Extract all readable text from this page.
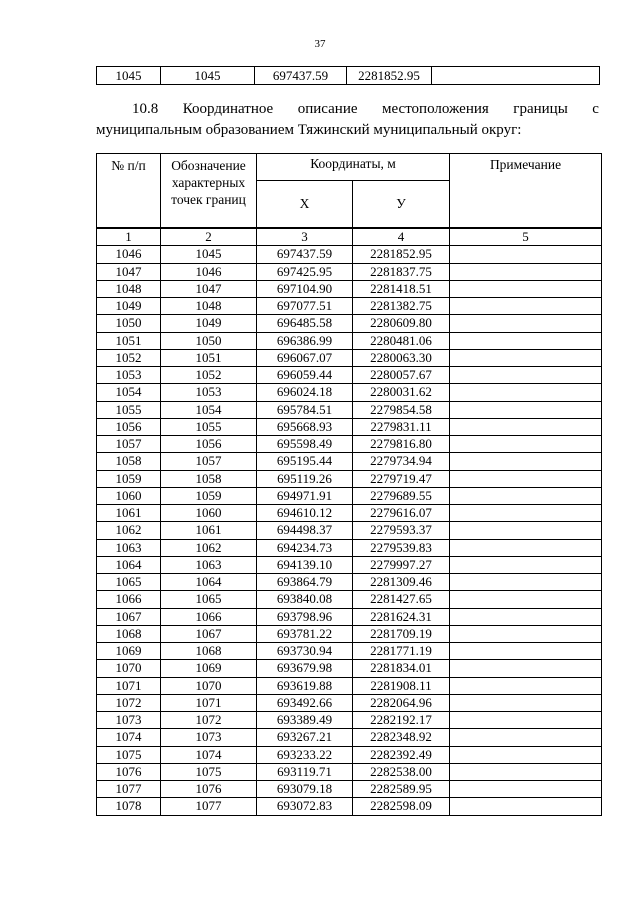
37
1045	1045	697437.59	2281852.95	
10.8 Координатное описание местоположения границы с
муниципальным образованием Тяжинский муниципальный округ:
№ п/п	Обозначение характерных точек границ	Координаты, м		Примечание
		X	У	
1	2	3	4	5
1046	1045	697437.59	2281852.95	
1047	1046	697425.95	2281837.75	
1048	1047	697104.90	2281418.51	
1049	1048	697077.51	2281382.75	
1050	1049	696485.58	2280609.80	
1051	1050	696386.99	2280481.06	
1052	1051	696067.07	2280063.30	
1053	1052	696059.44	2280057.67	
1054	1053	696024.18	2280031.62	
1055	1054	695784.51	2279854.58	
1056	1055	695668.93	2279831.11	
1057	1056	695598.49	2279816.80	
1058	1057	695195.44	2279734.94	
1059	1058	695119.26	2279719.47	
1060	1059	694971.91	2279689.55	
1061	1060	694610.12	2279616.07	
1062	1061	694498.37	2279593.37	
1063	1062	694234.73	2279539.83	
1064	1063	694139.10	2279997.27	
1065	1064	693864.79	2281309.46	
1066	1065	693840.08	2281427.65	
1067	1066	693798.96	2281624.31	
1068	1067	693781.22	2281709.19	
1069	1068	693730.94	2281771.19	
1070	1069	693679.98	2281834.01	
1071	1070	693619.88	2281908.11	
1072	1071	693492.66	2282064.96	
1073	1072	693389.49	2282192.17	
1074	1073	693267.21	2282348.92	
1075	1074	693233.22	2282392.49	
1076	1075	693119.71	2282538.00	
1077	1076	693079.18	2282589.95	
1078	1077	693072.83	2282598.09	
